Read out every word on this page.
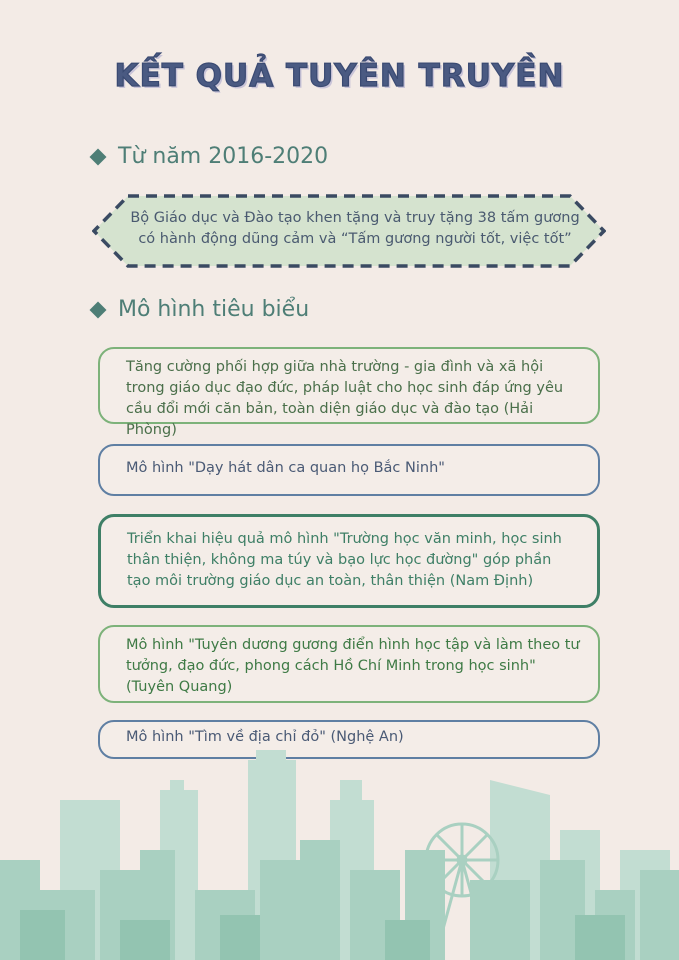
KẾT QUẢ TUYÊN TRUYỀN
Từ năm 2016-2020
Bộ Giáo dục và Đào tạo khen tặng và truy tặng 38 tấm gương có hành động dũng cảm và “Tấm gương người tốt, việc tốt”
Mô hình tiêu biểu
Tăng cường phối hợp giữa nhà trường - gia đình và xã hội trong giáo dục đạo đức, pháp luật cho học sinh đáp ứng yêu cầu đổi mới căn bản, toàn diện giáo dục và đào tạo (Hải Phòng)
Mô hình "Dạy hát dân ca quan họ Bắc Ninh"
Triển khai hiệu quả mô hình "Trường học văn minh, học sinh thân thiện, không ma túy và bạo lực học đường" góp phần tạo môi trường giáo dục an toàn, thân thiện (Nam Định)
Mô hình "Tuyên dương gương điển hình học tập và làm theo tư tưởng, đạo đức, phong cách Hồ Chí Minh trong học sinh" (Tuyên Quang)
Mô hình "Tìm về địa chỉ đỏ" (Nghệ An)
